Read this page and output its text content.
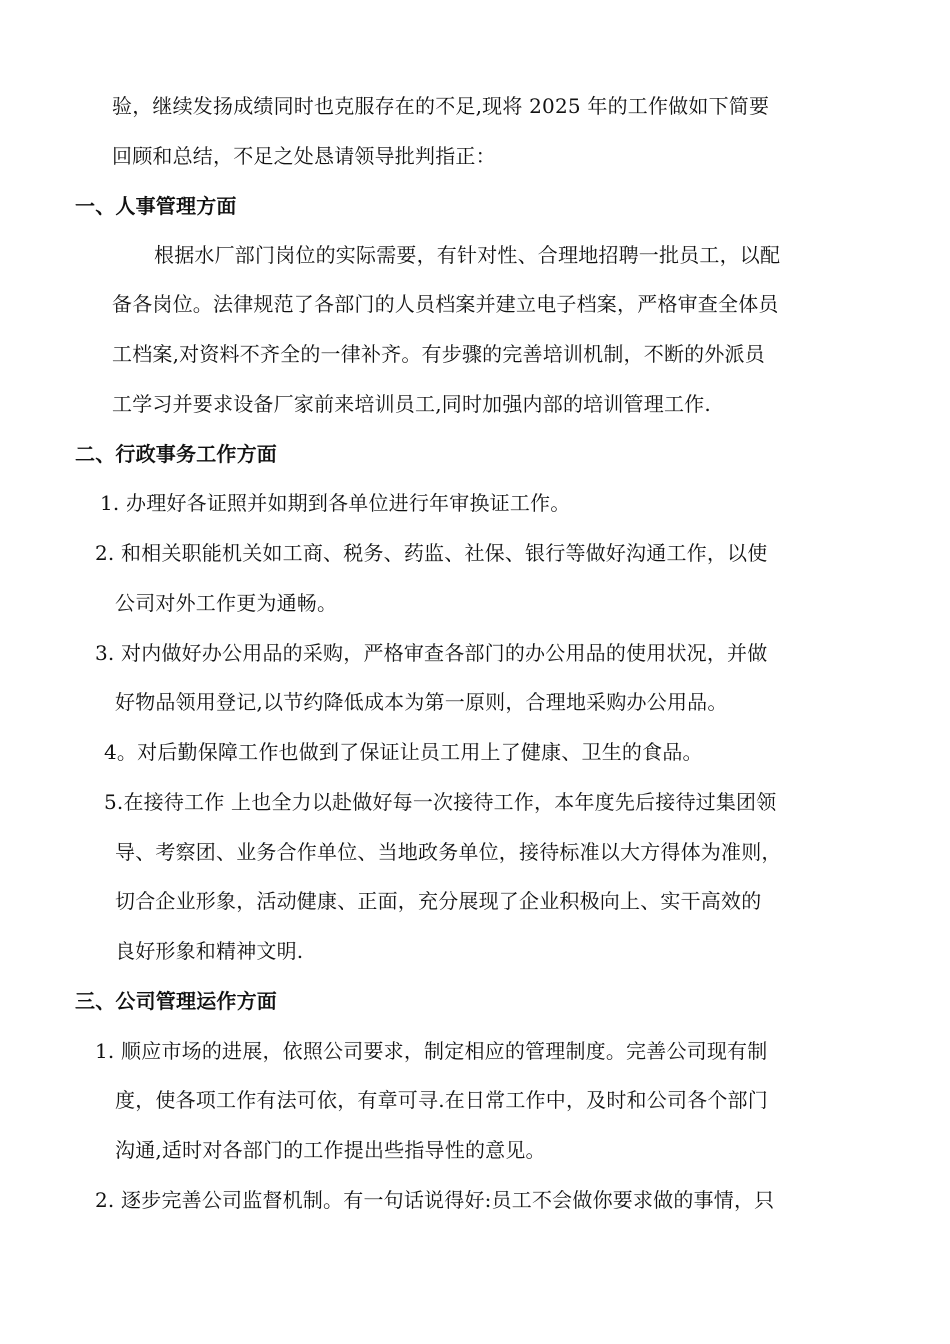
验，继续发扬成绩同时也克服存在的不足,现将 2025 年的工作做如下简要
回顾和总结，不足之处恳请领导批判指正：
一、人事管理方面
根据水厂部门岗位的实际需要，有针对性、合理地招聘一批员工，以配
备各岗位。法律规范了各部门的人员档案并建立电子档案，严格审查全体员
工档案,对资料不齐全的一律补齐。有步骤的完善培训机制，不断的外派员
工学习并要求设备厂家前来培训员工,同时加强内部的培训管理工作.
二、行政事务工作方面
1. 办理好各证照并如期到各单位进行年审换证工作。
2. 和相关职能机关如工商、税务、药监、社保、银行等做好沟通工作，以使
公司对外工作更为通畅。
3. 对内做好办公用品的采购，严格审查各部门的办公用品的使用状况，并做
好物品领用登记,以节约降低成本为第一原则，合理地采购办公用品。
4。对后勤保障工作也做到了保证让员工用上了健康、卫生的食品。
5.在接待工作 上也全力以赴做好每一次接待工作，本年度先后接待过集团领
导、考察团、业务合作单位、当地政务单位，接待标准以大方得体为准则，
切合企业形象，活动健康、正面，充分展现了企业积极向上、实干高效的
良好形象和精神文明.
三、公司管理运作方面
1. 顺应市场的进展，依照公司要求，制定相应的管理制度。完善公司现有制
度，使各项工作有法可依，有章可寻.在日常工作中，及时和公司各个部门
沟通,适时对各部门的工作提出些指导性的意见。
2. 逐步完善公司监督机制。有一句话说得好:员工不会做你要求做的事情，只
